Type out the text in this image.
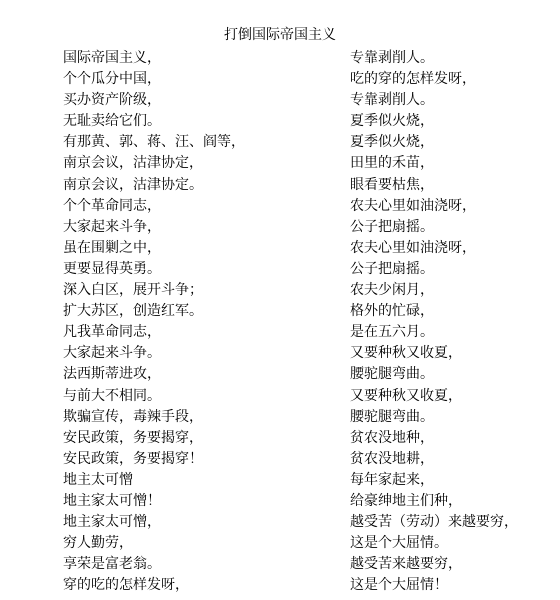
打倒国际帝国主义
国际帝国主义，
个个瓜分中国，
买办资产阶级，
无耻卖给它们。
有那黄、郭、蒋、汪、阎等，
南京会议，沽津协定，
南京会议，沽津协定。
个个革命同志，
大家起来斗争，
虽在围剿之中，
更要显得英勇。
深入白区，展开斗争；
扩大苏区，创造红军。
凡我革命同志，
大家起来斗争。
法西斯蒂进攻，
与前大不相同。
欺骗宣传，毒辣手段，
安民政策，务要揭穿，
安民政策，务要揭穿！
地主太可憎
地主家太可憎！
地主家太可憎，
穷人勤劳，
享荣是富老翁。
穿的吃的怎样发呀，
专靠剥削人。
吃的穿的怎样发呀，
专靠剥削人。
夏季似火烧，
夏季似火烧，
田里的禾苗，
眼看要枯焦，
农夫心里如油浇呀，
公子把扇摇。
农夫心里如油浇呀，
公子把扇摇。
农夫少闲月，
格外的忙碌，
是在五六月。
又要种秋又收夏，
腰驼腿弯曲。
又要种秋又收夏，
腰驼腿弯曲。
贫农没地种，
贫农没地耕，
每年家起来，
给豪绅地主们种，
越受苦（劳动）来越要穷，
这是个大屈情。
越受苦来越要穷，
这是个大屈情！
